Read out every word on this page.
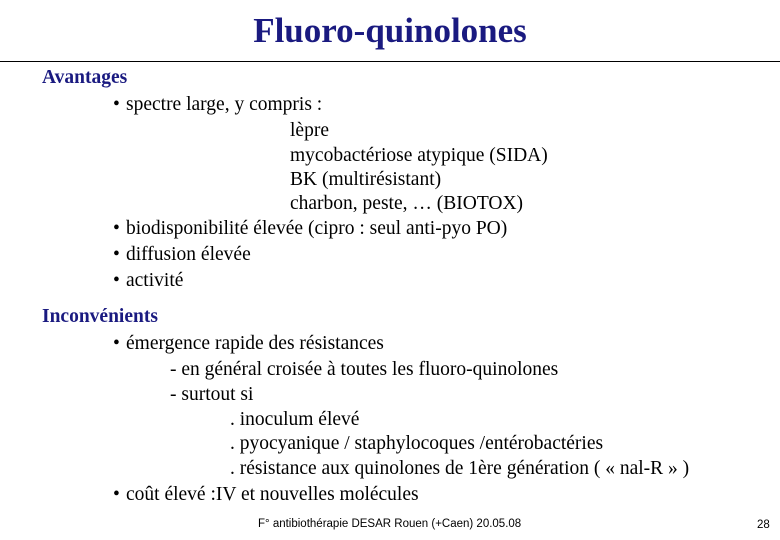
Fluoro-quinolones
Avantages
• spectre large, y compris :
lèpre
mycobactériose atypique (SIDA)
BK (multirésistant)
charbon, peste, … (BIOTOX)
• biodisponibilité élevée (cipro : seul anti-pyo PO)
• diffusion élevée
• activité
Inconvénients
• émergence rapide des résistances
- en général croisée à toutes les fluoro-quinolones
- surtout si
. inoculum élevé
. pyocyanique / staphylocoques /entérobactéries
. résistance aux quinolones de 1ère génération ( « nal-R » )
• coût élevé :IV et nouvelles molécules
F° antibiothérapie DESAR Rouen (+Caen) 20.05.08	28
